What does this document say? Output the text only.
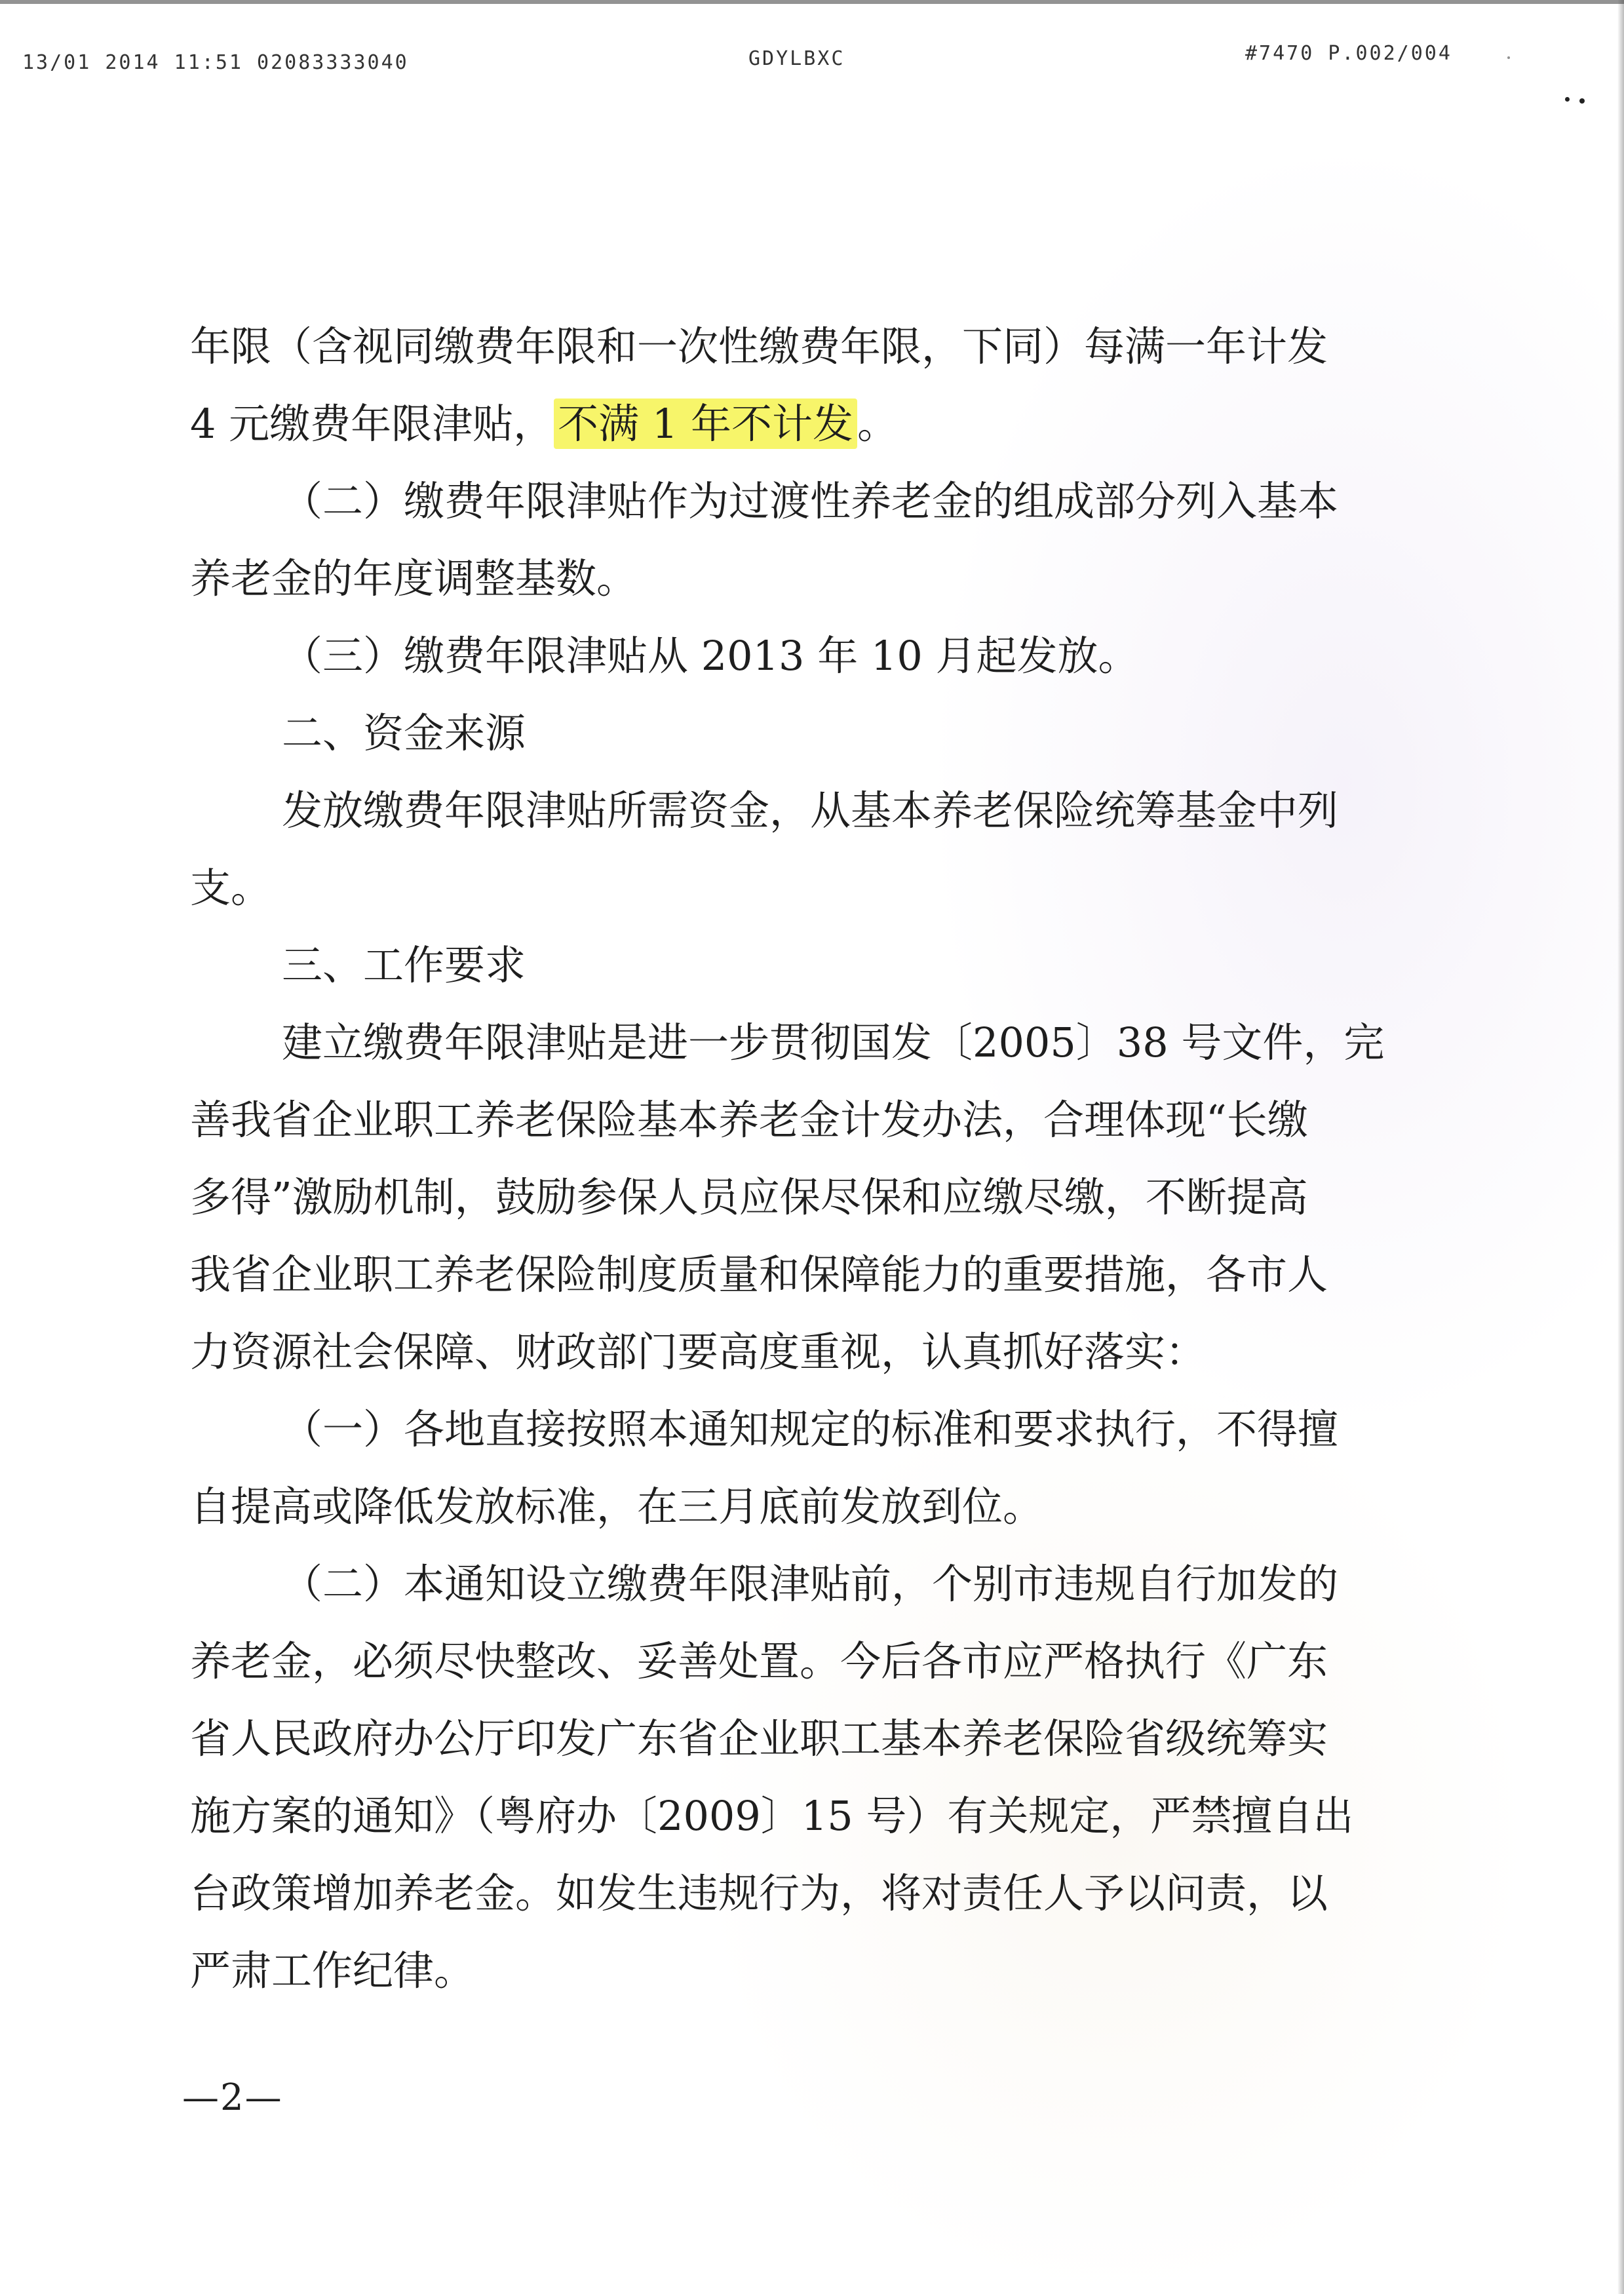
13/01 2014 11:51 02083333040	GDYLBXC	#7470 P.002/004

年限（含视同缴费年限和一次性缴费年限，下同）每满一年计发

4 元缴费年限津贴，不满 1 年不计发。

（二）缴费年限津贴作为过渡性养老金的组成部分列入基本

养老金的年度调整基数。

（三）缴费年限津贴从 2013 年 10 月起发放。

二、资金来源

发放缴费年限津贴所需资金，从基本养老保险统筹基金中列

支。

三、工作要求

建立缴费年限津贴是进一步贯彻国发〔2005〕38 号文件，完

善我省企业职工养老保险基本养老金计发办法，合理体现“长缴

多得”激励机制，鼓励参保人员应保尽保和应缴尽缴，不断提高

我省企业职工养老保险制度质量和保障能力的重要措施，各市人

力资源社会保障、财政部门要高度重视，认真抓好落实：

（一）各地直接按照本通知规定的标准和要求执行，不得擅

自提高或降低发放标准，在三月底前发放到位。

（二）本通知设立缴费年限津贴前，个别市违规自行加发的

养老金，必须尽快整改、妥善处置。今后各市应严格执行《广东

省人民政府办公厅印发广东省企业职工基本养老保险省级统筹实

施方案的通知》（粤府办〔2009〕15 号）有关规定，严禁擅自出

台政策增加养老金。如发生违规行为，将对责任人予以问责，以

严肃工作纪律。

—2—
